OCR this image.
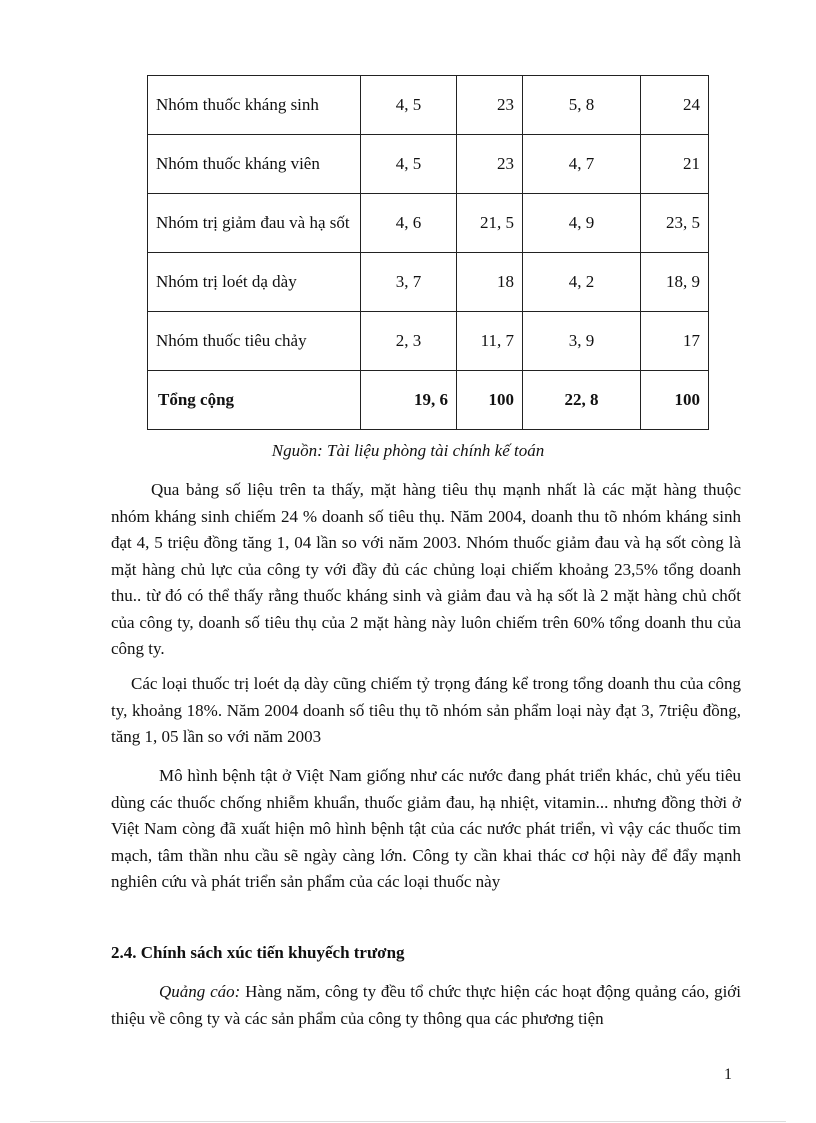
Nhóm thuốc kháng sinh	4, 5	23	5, 8	24
Nhóm thuốc kháng viên	4, 5	23	4, 7	21
Nhóm trị giảm đau và hạ sốt	4, 6	21, 5	4, 9	23, 5
Nhóm trị loét dạ dày	3, 7	18	4, 2	18, 9
Nhóm thuốc tiêu chảy	2, 3	11, 7	3, 9	17
Tổng cộng	19, 6	100	22, 8	100
Nguồn: Tài liệu phòng tài chính kế toán

Qua bảng số liệu trên ta thấy, mặt hàng tiêu thụ mạnh nhất là các mặt hàng thuộc nhóm kháng sinh chiếm 24 % doanh số tiêu thụ. Năm 2004, doanh thu tõ nhóm kháng sinh đạt 4, 5 triệu đồng tăng 1, 04 lần so với năm 2003. Nhóm thuốc giảm đau và hạ sốt còng là mặt hàng chủ lực của công ty với đầy đủ các chủng loại chiếm khoảng 23,5% tổng doanh thu.. từ đó có thể thấy rằng thuốc kháng sinh và giảm đau và hạ sốt là 2 mặt hàng chủ chốt của công ty, doanh số tiêu thụ của 2 mặt hàng này luôn chiếm trên 60% tổng doanh thu của công ty.

Các loại thuốc trị loét dạ dày cũng chiếm tỷ trọng đáng kể trong tổng doanh thu của công ty, khoảng 18%. Năm 2004 doanh số tiêu thụ tõ nhóm sản phẩm loại này đạt 3, 7triệu đồng, tăng 1, 05 lần so với năm 2003

Mô hình bệnh tật ở Việt Nam giống như các nước đang phát triển khác, chủ yếu tiêu dùng các thuốc chống nhiễm khuẩn, thuốc giảm đau, hạ nhiệt, vitamin... nhưng đồng thời ở Việt Nam còng đã xuất hiện mô hình bệnh tật của các nước phát triển, vì vậy các thuốc tim mạch, tâm thần nhu cầu sẽ ngày càng lớn. Công ty cần khai thác cơ hội này để đẩy mạnh nghiên cứu và phát triển sản phẩm của các loại thuốc này

2.4. Chính sách xúc tiến khuyếch trương

Quảng cáo: Hàng năm, công ty đều tổ chức thực hiện các hoạt động quảng cáo, giới thiệu về công ty và các sản phẩm của công ty thông qua các phương tiện

1
